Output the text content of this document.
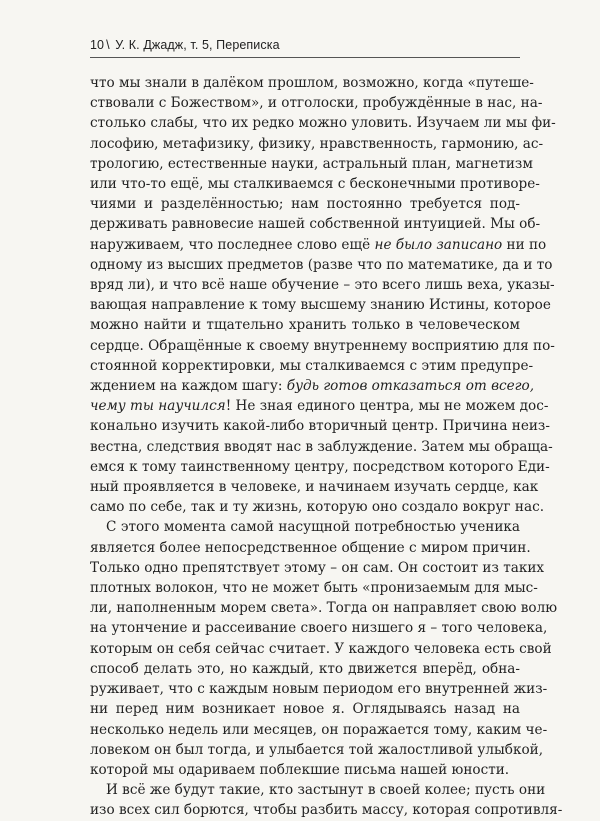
10 \ У. К. Джадж, т. 5, Переписка
что мы знали в далёком прошлом, возможно, когда «путеше-
ствовали с Божеством», и отголоски, пробуждённые в нас, на-
столько слабы, что их редко можно уловить. Изучаем ли мы фи-
лософию, метафизику, физику, нравственность, гармонию, ас-
трологию, естественные науки, астральный план, магнетизм
или что-то ещё, мы сталкиваемся с бесконечными противоре-
чиями и разделённостью; нам постоянно требуется под-
держивать равновесие нашей собственной интуицией. Мы об-
наруживаем, что последнее слово ещё не было записано ни по
одному из высших предметов (разве что по математике, да и то
вряд ли), и что всё наше обучение – это всего лишь веха, указы-
вающая направление к тому высшему знанию Истины, которое
можно найти и тщательно хранить только в человеческом
сердце. Обращённые к своему внутреннему восприятию для по-
стоянной корректировки, мы сталкиваемся с этим предупре-
ждением на каждом шагу: будь готов отказаться от всего,
чему ты научился! Не зная единого центра, мы не можем дос-
конально изучить какой-либо вторичный центр. Причина неиз-
вестна, следствия вводят нас в заблуждение. Затем мы обраща-
емся к тому таинственному центру, посредством которого Еди-
ный проявляется в человеке, и начинаем изучать сердце, как
само по себе, так и ту жизнь, которую оно создало вокруг нас.
С этого момента самой насущной потребностью ученика
является более непосредственное общение с миром причин.
Только одно препятствует этому – он сам. Он состоит из таких
плотных волокон, что не может быть «пронизаемым для мыс-
ли, наполненным морем света». Тогда он направляет свою волю
на утончение и рассеивание своего низшего я – того человека,
которым он себя сейчас считает. У каждого человека есть свой
способ делать это, но каждый, кто движется вперёд, обна-
руживает, что с каждым новым периодом его внутренней жиз-
ни перед ним возникает новое я. Оглядываясь назад на
несколько недель или месяцев, он поражается тому, каким че-
ловеком он был тогда, и улыбается той жалостливой улыбкой,
которой мы одариваем поблекшие письма нашей юности.
И всё же будут такие, кто застынут в своей колее; пусть они
изо всех сил борются, чтобы разбить массу, которая сопротивля-
